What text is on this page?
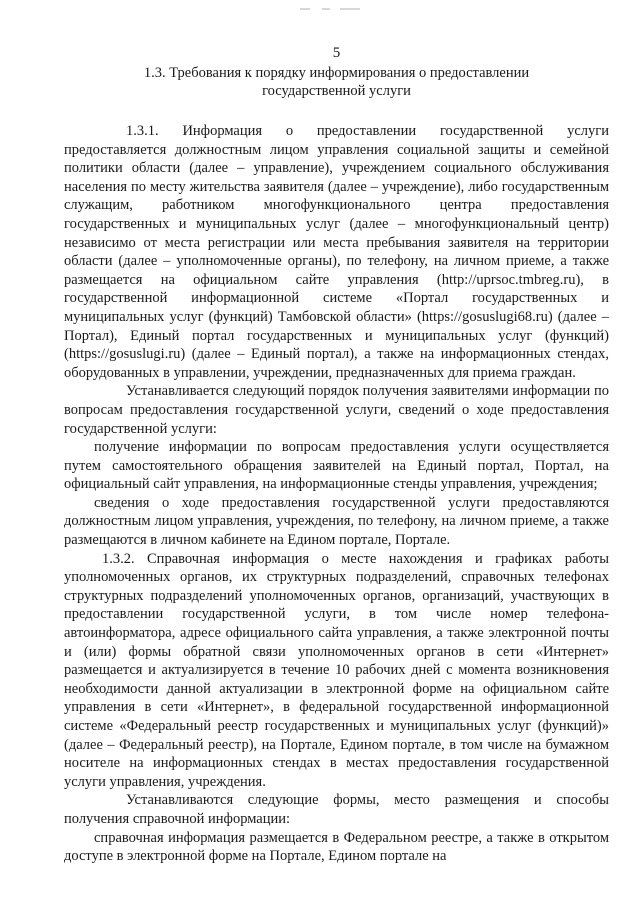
5
1.3. Требования к порядку информирования о предоставлении государственной услуги

1.3.1. Информация о предоставлении государственной услуги предоставляется должностным лицом управления социальной защиты и семейной политики области (далее – управление), учреждением социального обслуживания населения по месту жительства заявителя (далее – учреждение), либо государственным служащим, работником многофункционального центра предоставления государственных и муниципальных услуг (далее – многофункциональный центр) независимо от места регистрации или места пребывания заявителя на территории области (далее – уполномоченные органы), по телефону, на личном приеме, а также размещается на официальном сайте управления (http://uprsoc.tmbreg.ru), в государственной информационной системе «Портал государственных и муниципальных услуг (функций) Тамбовской области» (https://gosuslugi68.ru) (далее – Портал), Единый портал государственных и муниципальных услуг (функций) (https://gosuslugi.ru) (далее – Единый портал), а также на информационных стендах, оборудованных в управлении, учреждении, предназначенных для приема граждан.

Устанавливается следующий порядок получения заявителями информации по вопросам предоставления государственной услуги, сведений о ходе предоставления государственной услуги:

получение информации по вопросам предоставления услуги осуществляется путем самостоятельного обращения заявителей на Единый портал, Портал, на официальный сайт управления, на информационные стенды управления, учреждения;

сведения о ходе предоставления государственной услуги предоставляются должностным лицом управления, учреждения, по телефону, на личном приеме, а также размещаются в личном кабинете на Едином портале, Портале.

1.3.2. Справочная информация о месте нахождения и графиках работы уполномоченных органов, их структурных подразделений, справочных телефонах структурных подразделений уполномоченных органов, организаций, участвующих в предоставлении государственной услуги, в том числе номер телефона-автоинформатора, адресе официального сайта управления, а также электронной почты и (или) формы обратной связи уполномоченных органов в сети «Интернет» размещается и актуализируется в течение 10 рабочих дней с момента возникновения необходимости данной актуализации в электронной форме на официальном сайте управления в сети «Интернет», в федеральной государственной информационной системе «Федеральный реестр государственных и муниципальных услуг (функций)» (далее – Федеральный реестр), на Портале, Едином портале, в том числе на бумажном носителе на информационных стендах в местах предоставления государственной услуги управления, учреждения.

Устанавливаются следующие формы, место размещения и способы получения справочной информации:

справочная информация размещается в Федеральном реестре, а также в открытом доступе в электронной форме на Портале, Едином портале на
